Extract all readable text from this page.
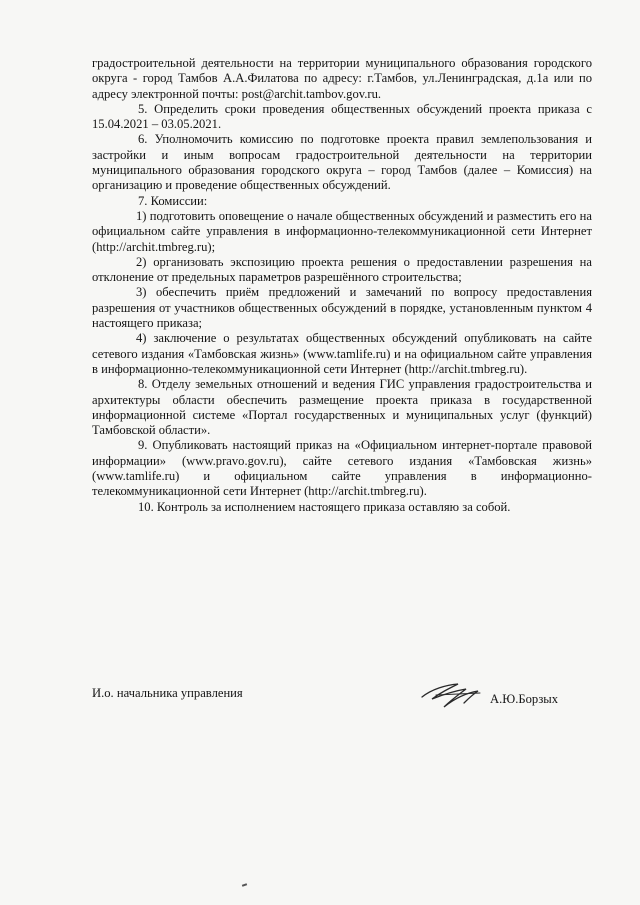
градостроительной деятельности на территории муниципального образования городского округа - город Тамбов А.А.Филатова по адресу: г.Тамбов, ул.Ленинградская, д.1а или по адресу электронной почты: post@archit.tambov.gov.ru.

5. Определить сроки проведения общественных обсуждений проекта приказа с 15.04.2021 – 03.05.2021.

6. Уполномочить комиссию по подготовке проекта правил землепользования и застройки и иным вопросам градостроительной деятельности на территории муниципального образования городского округа – город Тамбов (далее – Комиссия) на организацию и проведение общественных обсуждений.

7. Комиссии:

1) подготовить оповещение о начале общественных обсуждений и разместить его на официальном сайте управления в информационно-телекоммуникационной сети Интернет (http://archit.tmbreg.ru);

2) организовать экспозицию проекта решения о предоставлении разрешения на отклонение от предельных параметров разрешённого строительства;

3) обеспечить приём предложений и замечаний по вопросу предоставления разрешения от участников общественных обсуждений в порядке, установленным пунктом 4 настоящего приказа;

4) заключение о результатах общественных обсуждений опубликовать на сайте сетевого издания «Тамбовская жизнь» (www.tamlife.ru) и на официальном сайте управления в информационно-телекоммуникационной сети Интернет (http://archit.tmbreg.ru).

8. Отделу земельных отношений и ведения ГИС управления градостроительства и архитектуры области обеспечить размещение проекта приказа в государственной информационной системе «Портал государственных и муниципальных услуг (функций) Тамбовской области».

9. Опубликовать настоящий приказ на «Официальном интернет-портале правовой информации» (www.pravo.gov.ru), сайте сетевого издания «Тамбовская жизнь» (www.tamlife.ru) и официальном сайте управления в информационно-телекоммуникационной сети Интернет (http://archit.tmbreg.ru).

10. Контроль за исполнением настоящего приказа оставляю за собой.

И.о. начальника управления	А.Ю.Борзых
